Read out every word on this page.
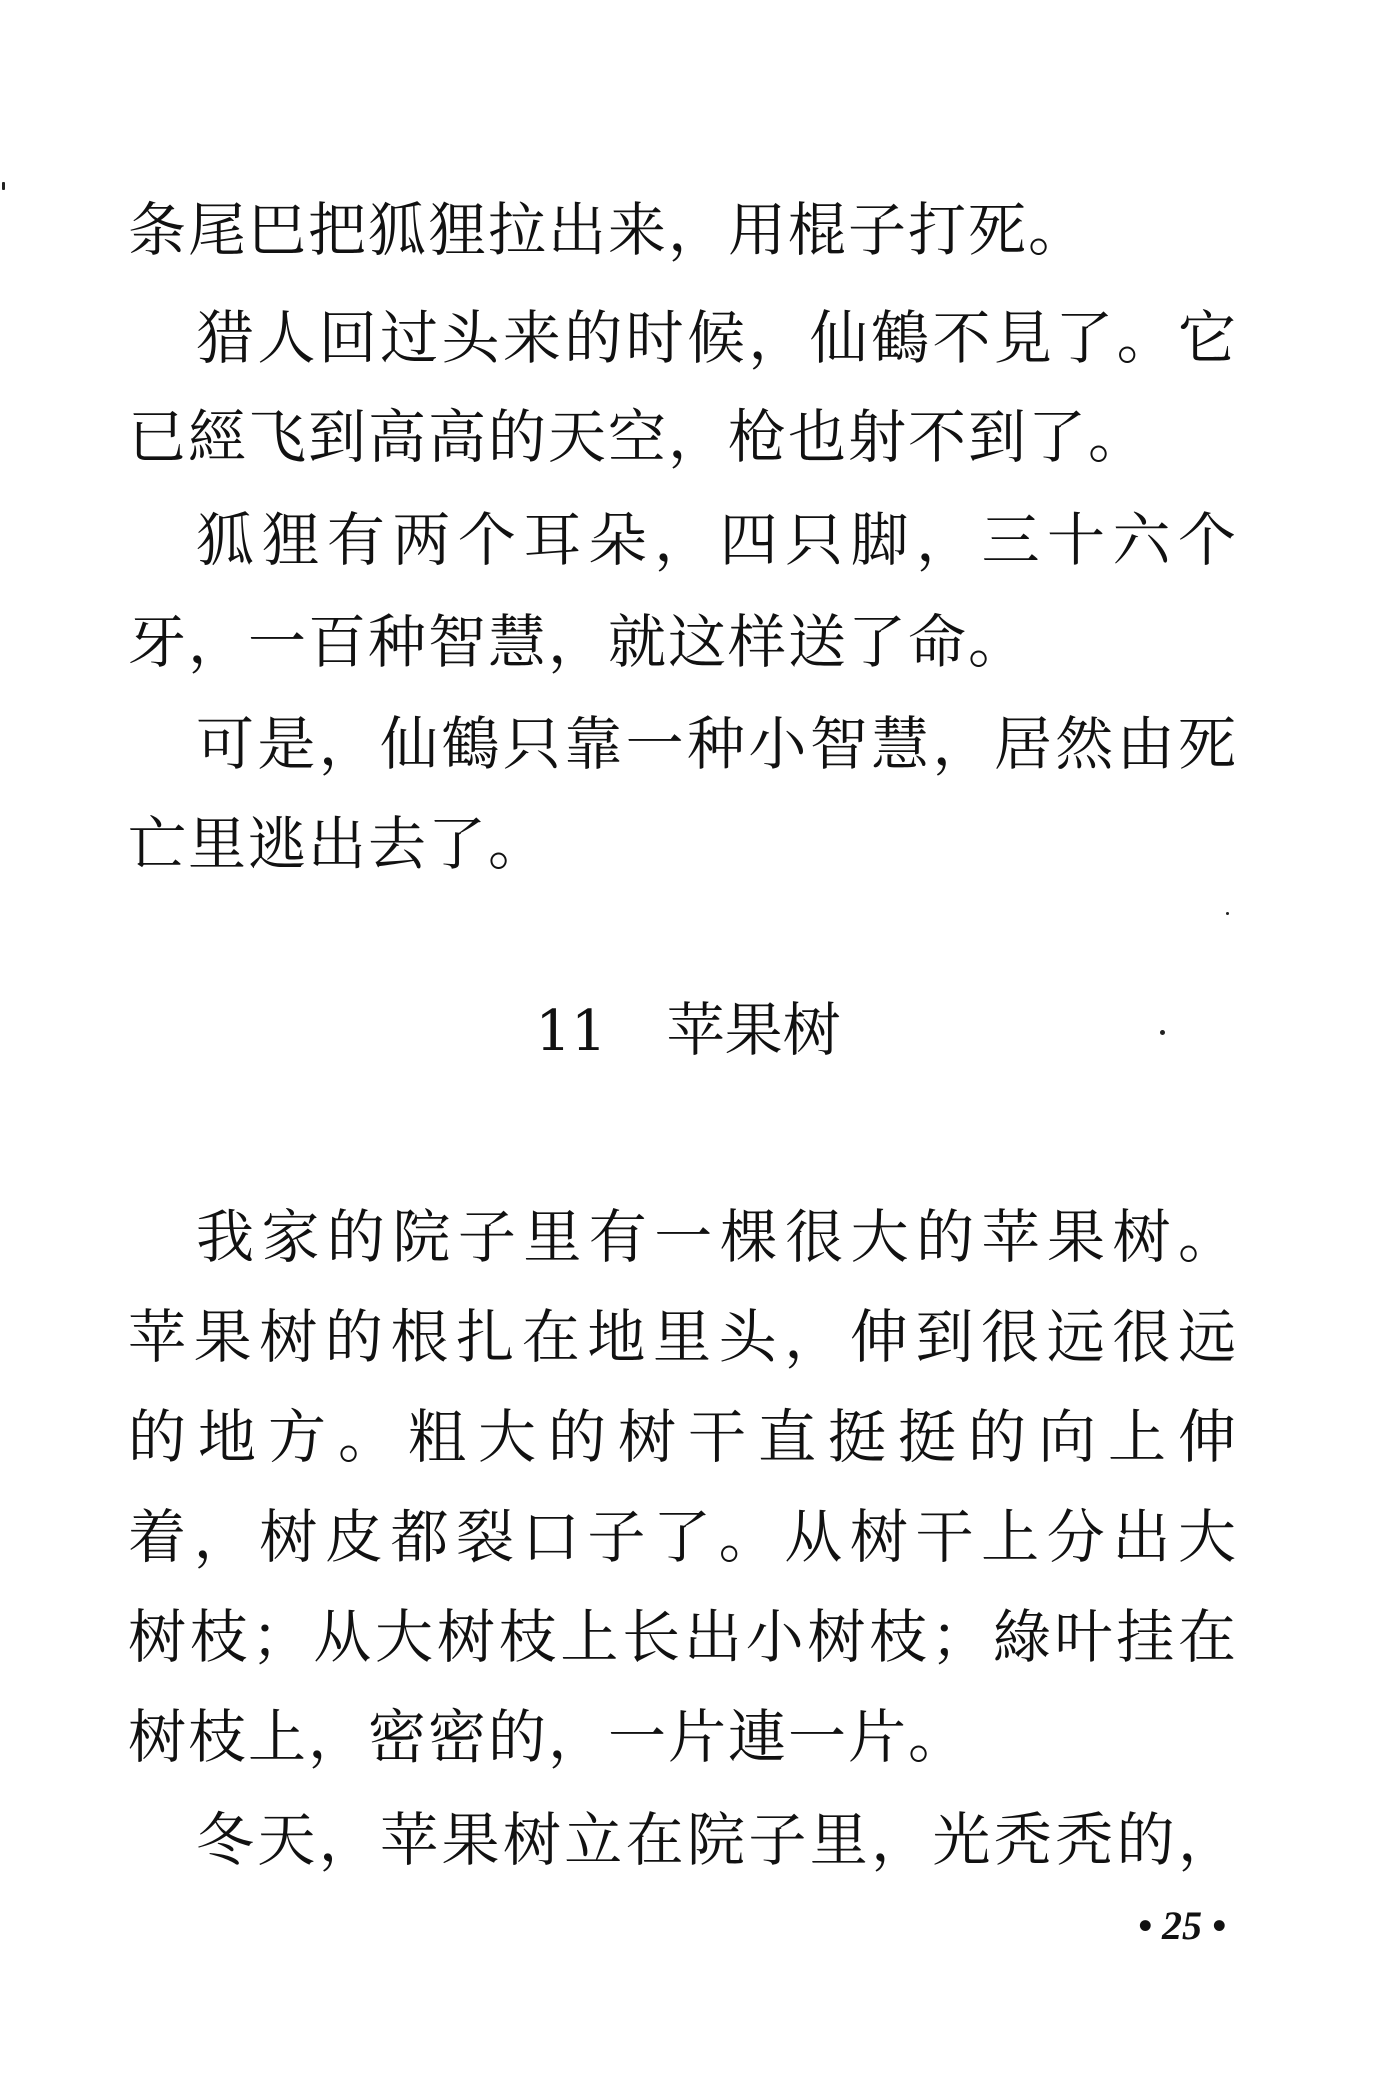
条尾巴把狐狸拉出来，用棍子打死。
猎人回过头来的时候，仙鶴不見了。它
已經飞到高高的天空，枪也射不到了。
狐狸有两个耳朵，四只脚，三十六个
牙，一百种智慧，就这样送了命。
可是，仙鶴只靠一种小智慧，居然由死
亡里逃出去了。
11 苹果树
我家的院子里有一棵很大的苹果树。
苹果树的根扎在地里头，伸到很远很远
的地方。粗大的树干直挺挺的向上伸
着，树皮都裂口子了。从树干上分出大
树枝；从大树枝上长出小树枝；綠叶挂在
树枝上，密密的，一片連一片。
冬天，苹果树立在院子里，光秃秃的，
• 25 •
